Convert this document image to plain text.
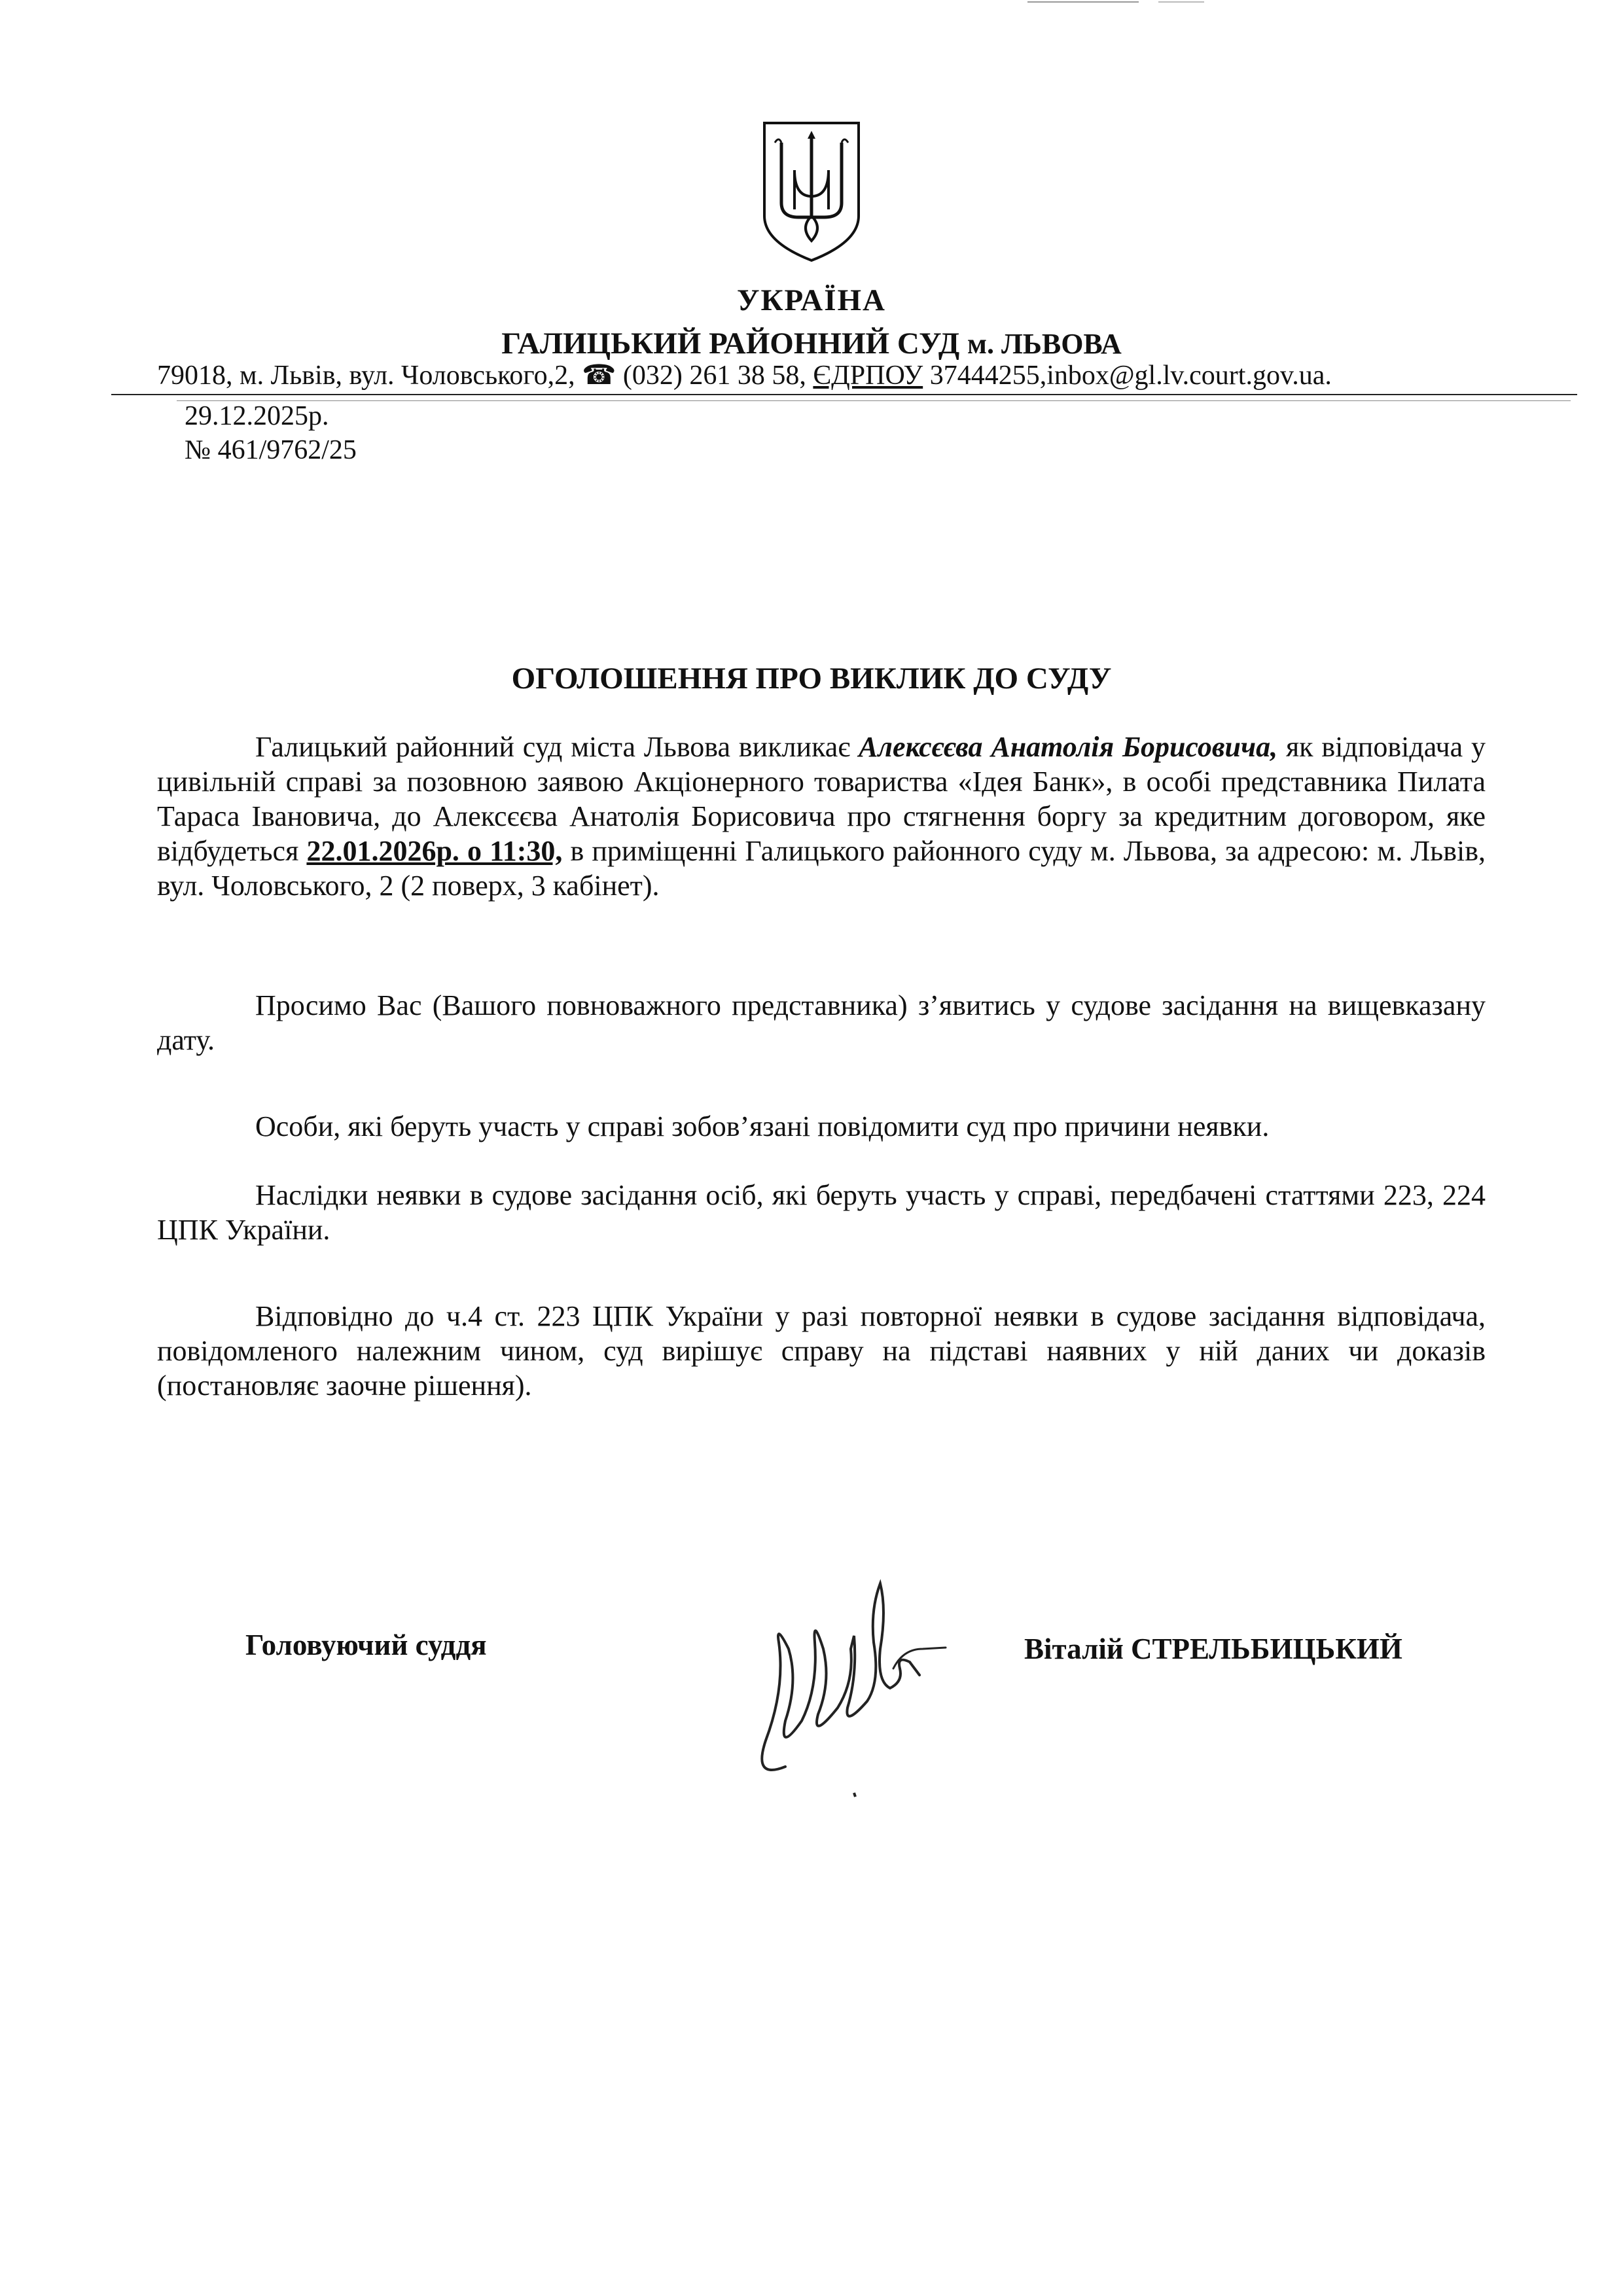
УКРАЇНА
ГАЛИЦЬКИЙ РАЙОННИЙ СУД м. ЛЬВОВА
79018, м. Львів, вул. Чоловського,2, ☎ (032) 261 38 58, ЄДРПОУ 37444255,inbox@gl.lv.court.gov.ua.
29.12.2025р.
№ 461/9762/25
ОГОЛОШЕННЯ ПРО ВИКЛИК ДО СУДУ
Галицький районний суд міста Львова викликає Алексєєва Анатолія Борисовича, як відповідача у цивільній справі за позовною заявою Акціонерного товариства «Ідея Банк», в особі представника Пилата Тараса Івановича, до Алексєєва Анатолія Борисовича про стягнення боргу за кредитним договором, яке відбудеться 22.01.2026р. о 11:30, в приміщенні Галицького районного суду м. Львова, за адресою: м. Львів, вул. Чоловського, 2 (2 поверх, 3 кабінет).
Просимо Вас (Вашого повноважного представника) з’явитись у судове засідання на вищевказану дату.
Особи, які беруть участь у справі зобов’язані повідомити суд про причини неявки.
Наслідки неявки в судове засідання осіб, які беруть участь у справі, передбачені статтями 223, 224 ЦПК України.
Відповідно до ч.4 ст. 223 ЦПК України у разі повторної неявки в судове засідання відповідача, повідомленого належним чином, суд вирішує справу на підставі наявних у ній даних чи доказів (постановляє заочне рішення).
Головуючий суддя	Віталій СТРЕЛЬБИЦЬКИЙ
